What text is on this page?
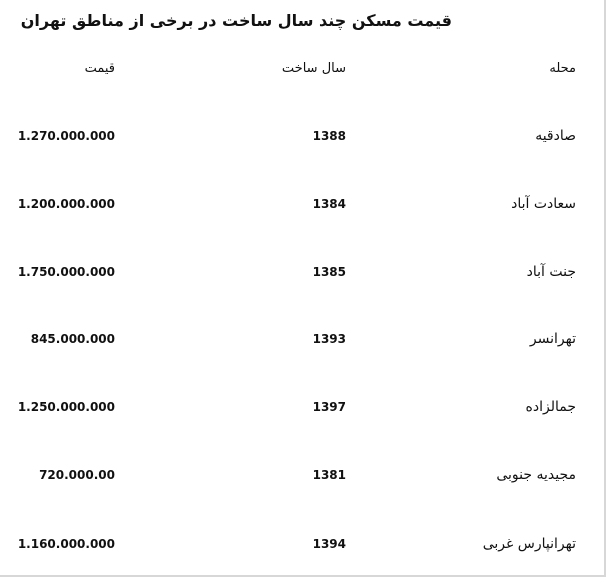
قیمت مسکن چند سال ساخت در برخی از مناطق تهران
محله
سال ساخت
قیمت
صادقیه
1388
1.270.000.000
سعادت آباد
1384
1.200.000.000
جنت آباد
1385
1.750.000.000
تهرانسر
1393
845.000.000
جمالزاده
1397
1.250.000.000
مجیدیه جنوبی
1381
720.000.00
تهرانپارس غربی
1394
1.160.000.000
